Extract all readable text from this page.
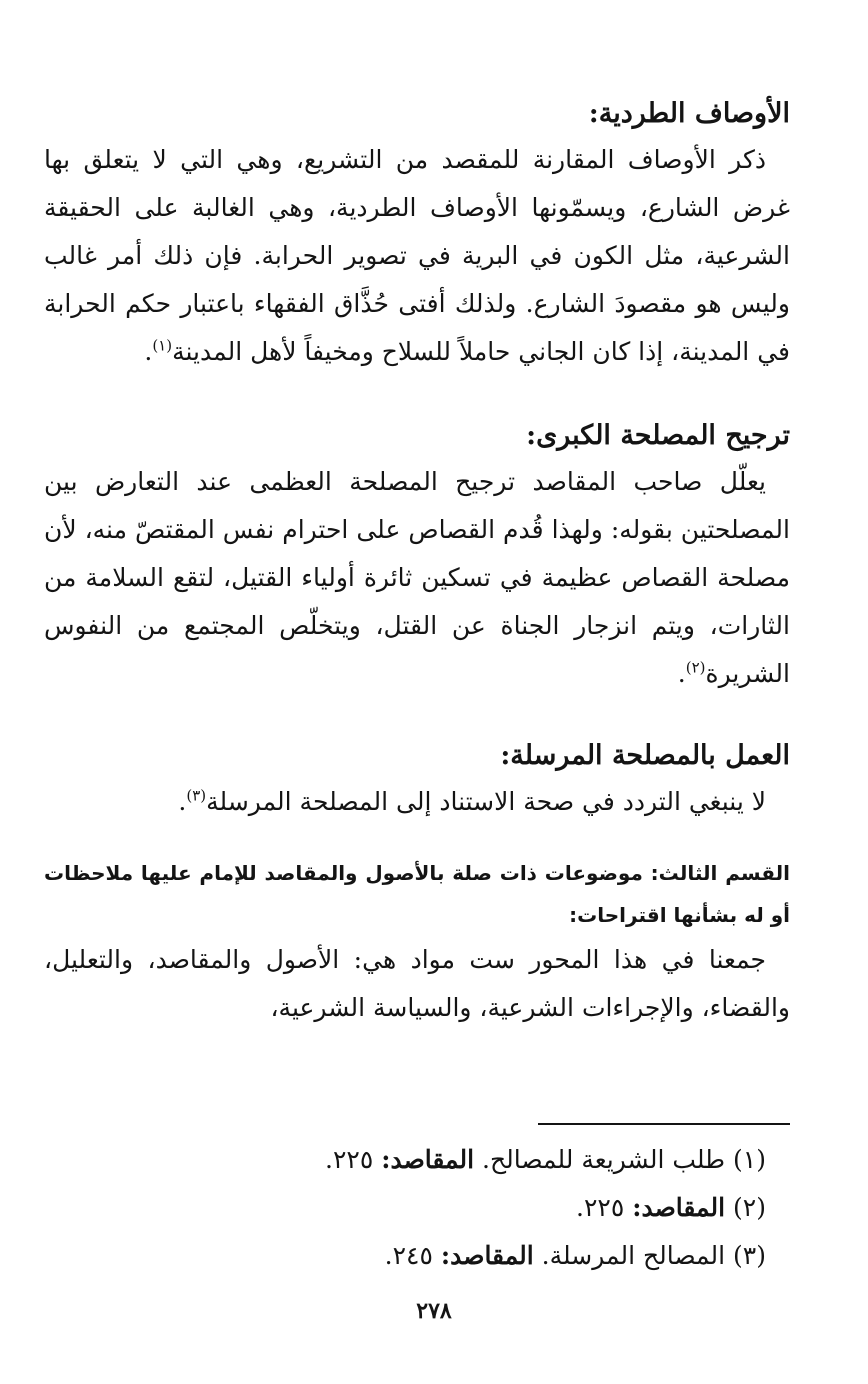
الأوصاف الطردية:

ذكر الأوصاف المقارنة للمقصد من التشريع، وهي التي لا يتعلق بها غرض الشارع، ويسمّونها الأوصاف الطردية، وهي الغالبة على الحقيقة الشرعية، مثل الكون في البرية في تصوير الحرابة. فإن ذلك أمر غالب وليس هو مقصودَ الشارع. ولذلك أفتى حُذَّاق الفقهاء باعتبار حكم الحرابة في المدينة، إذا كان الجاني حاملاً للسلاح ومخيفاً لأهل المدينة$^{(١)}$.

ترجيح المصلحة الكبرى:

يعلّل صاحب المقاصد ترجيح المصلحة العظمى عند التعارض بين المصلحتين بقوله: ولهذا قُدم القصاص على احترام نفس المقتصّ منه، لأن مصلحة القصاص عظيمة في تسكين ثائرة أولياء القتيل، لتقع السلامة من الثارات، ويتم انزجار الجناة عن القتل، ويتخلّص المجتمع من النفوس الشريرة$^{(٢)}$.

العمل بالمصلحة المرسلة:

لا ينبغي التردد في صحة الاستناد إلى المصلحة المرسلة$^{(٣)}$.

القسم الثالث: موضوعات ذات صلة بالأصول والمقاصد للإمام عليها ملاحظات أو له بشأنها اقتراحات:

جمعنا في هذا المحور ست مواد هي: الأصول والمقاصد، والتعليل، والقضاء، والإجراءات الشرعية، والسياسة الشرعية،

(١) طلب الشريعة للمصالح. المقاصد: ٢٢٥.

(٢) المقاصد: ٢٢٥.

(٣) المصالح المرسلة. المقاصد: ٢٤٥.

٢٧٨
